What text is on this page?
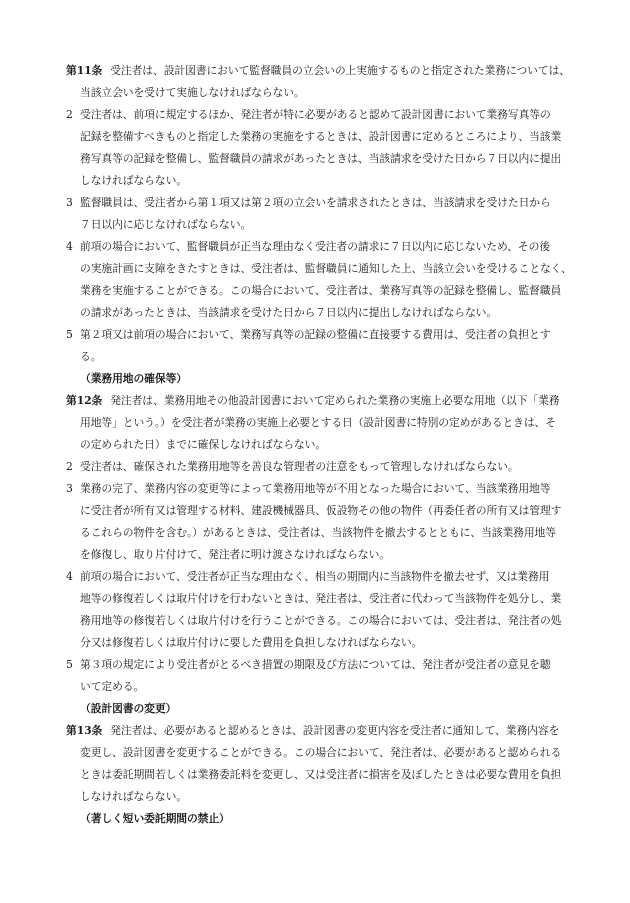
第11条 受注者は、設計図書において監督職員の立会いの上実施するものと指定された業務については、
当該立会いを受けて実施しなければならない。
2 受注者は、前項に規定するほか、発注者が特に必要があると認めて設計図書において業務写真等の
記録を整備すべきものと指定した業務の実施をするときは、設計図書に定めるところにより、当該業
務写真等の記録を整備し、監督職員の請求があったときは、当該請求を受けた日から７日以内に提出
しなければならない。
3 監督職員は、受注者から第１項又は第２項の立会いを請求されたときは、当該請求を受けた日から
７日以内に応じなければならない。
4 前項の場合において、監督職員が正当な理由なく受注者の請求に７日以内に応じないため、その後
の実施計画に支障をきたすときは、受注者は、監督職員に通知した上、当該立会いを受けることなく、
業務を実施することができる。この場合において、受注者は、業務写真等の記録を整備し、監督職員
の請求があったときは、当該請求を受けた日から７日以内に提出しなければならない。
5 第２項又は前項の場合において、業務写真等の記録の整備に直接要する費用は、受注者の負担とす
る。
（業務用地の確保等）
第12条 発注者は、業務用地その他設計図書において定められた業務の実施上必要な用地（以下「業務
用地等」という。）を受注者が業務の実施上必要とする日（設計図書に特別の定めがあるときは、そ
の定められた日）までに確保しなければならない。
2 受注者は、確保された業務用地等を善良な管理者の注意をもって管理しなければならない。
3 業務の完了、業務内容の変更等によって業務用地等が不用となった場合において、当該業務用地等
に受注者が所有又は管理する材料、建設機械器具、仮設物その他の物件（再委任者の所有又は管理す
るこれらの物件を含む。）があるときは、受注者は、当該物件を撤去するとともに、当該業務用地等
を修復し、取り片付けて、発注者に明け渡さなければならない。
4 前項の場合において、受注者が正当な理由なく、相当の期間内に当該物件を撤去せず、又は業務用
地等の修復若しくは取片付けを行わないときは、発注者は、受注者に代わって当該物件を処分し、業
務用地等の修復若しくは取片付けを行うことができる。この場合においては、受注者は、発注者の処
分又は修復若しくは取片付けに要した費用を負担しなければならない。
5 第３項の規定により受注者がとるべき措置の期限及び方法については、発注者が受注者の意見を聴
いて定める。
（設計図書の変更）
第13条 発注者は、必要があると認めるときは、設計図書の変更内容を受注者に通知して、業務内容を
変更し、設計図書を変更することができる。この場合において、発注者は、必要があると認められる
ときは委託期間若しくは業務委託料を変更し、又は受注者に損害を及ぼしたときは必要な費用を負担
しなければならない。
（著しく短い委託期間の禁止）
